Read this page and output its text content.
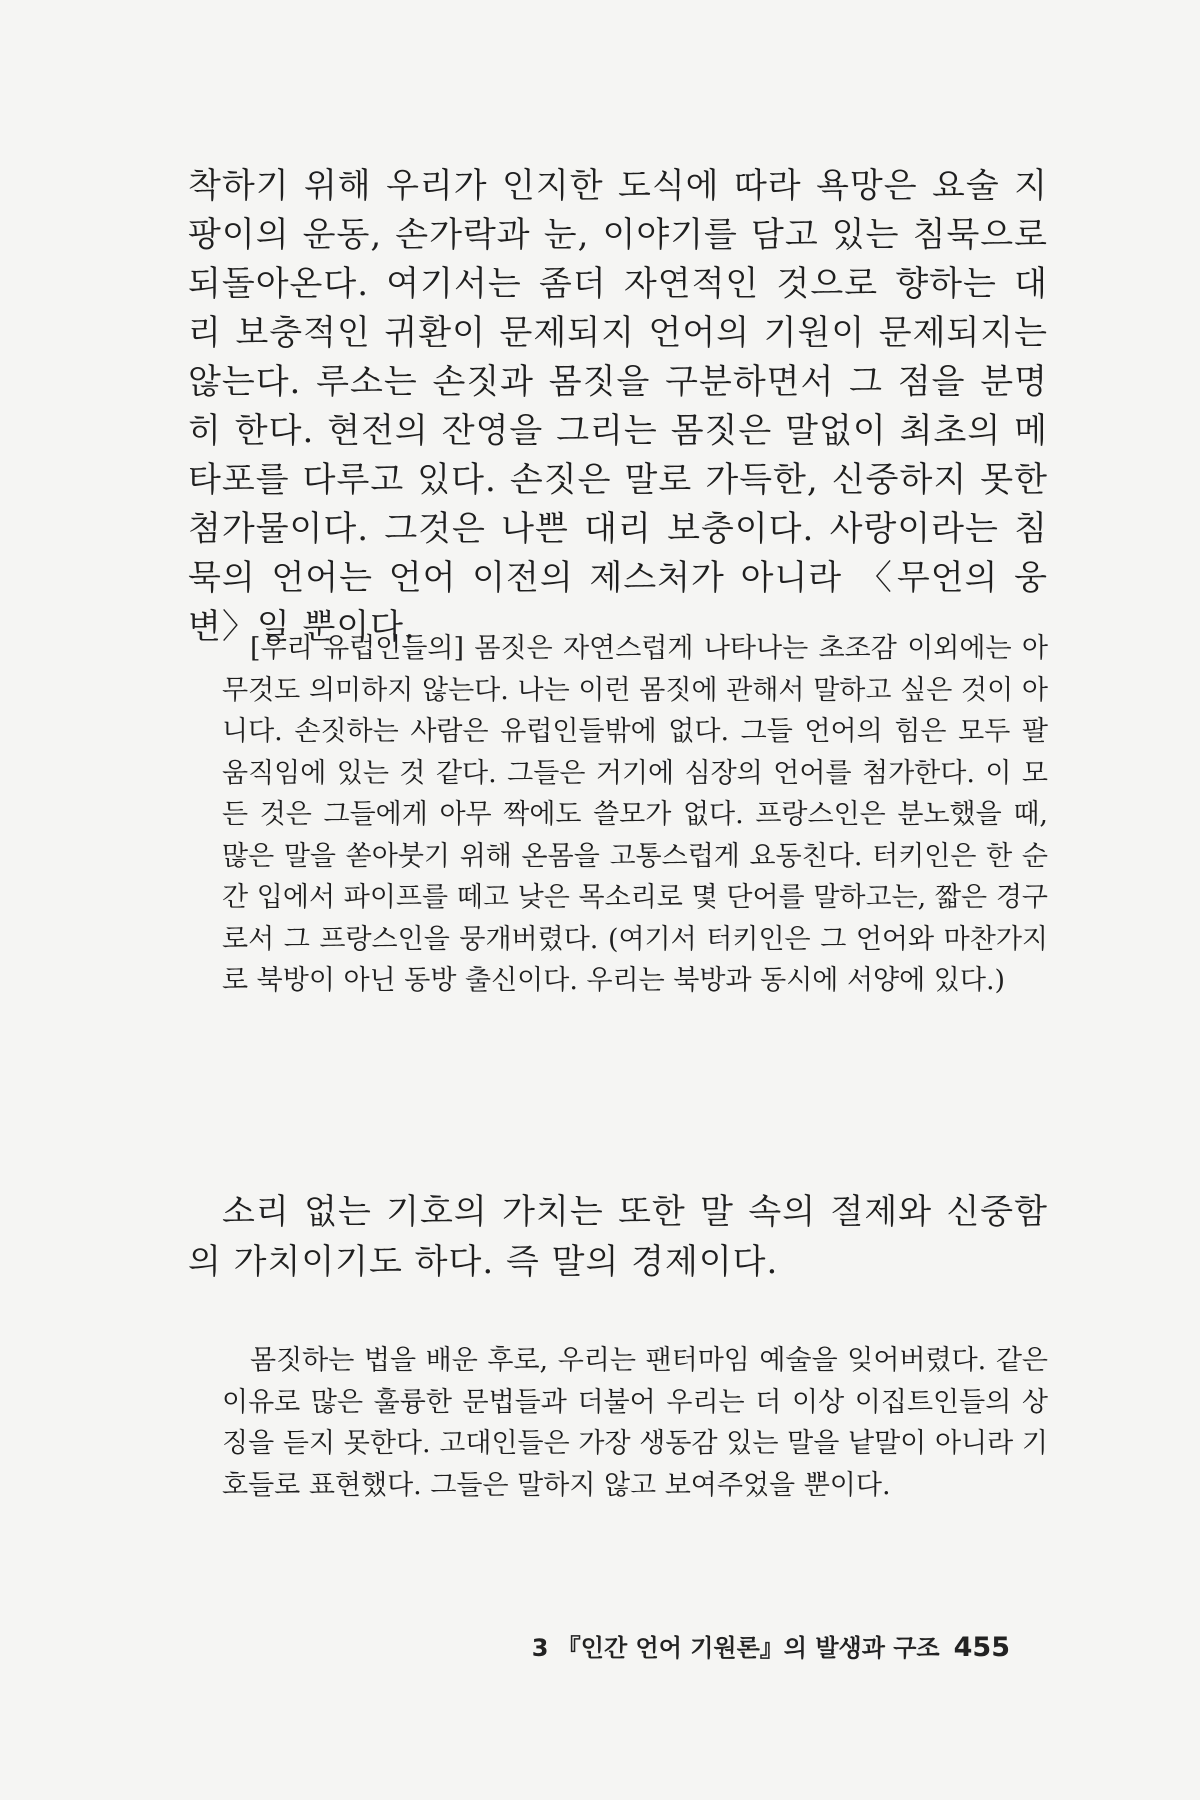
착하기 위해 우리가 인지한 도식에 따라 욕망은 요술 지팡이의 운동, 손가락과 눈, 이야기를 담고 있는 침묵으로 되돌아온다. 여기서는 좀더 자연적인 것으로 향하는 대리 보충적인 귀환이 문제되지 언어의 기원이 문제되지는 않는다. 루소는 손짓과 몸짓을 구분하면서 그 점을 분명히 한다. 현전의 잔영을 그리는 몸짓은 말없이 최초의 메타포를 다루고 있다. 손짓은 말로 가득한, 신중하지 못한 첨가물이다. 그것은 나쁜 대리 보충이다. 사랑이라는 침묵의 언어는 언어 이전의 제스처가 아니라 〈무언의 웅변〉일 뿐이다.

[우리 유럽인들의] 몸짓은 자연스럽게 나타나는 초조감 이외에는 아무것도 의미하지 않는다. 나는 이런 몸짓에 관해서 말하고 싶은 것이 아니다. 손짓하는 사람은 유럽인들밖에 없다. 그들 언어의 힘은 모두 팔 움직임에 있는 것 같다. 그들은 거기에 심장의 언어를 첨가한다. 이 모든 것은 그들에게 아무 짝에도 쓸모가 없다. 프랑스인은 분노했을 때, 많은 말을 쏟아붓기 위해 온몸을 고통스럽게 요동친다. 터키인은 한 순간 입에서 파이프를 떼고 낮은 목소리로 몇 단어를 말하고는, 짧은 경구로서 그 프랑스인을 뭉개버렸다. (여기서 터키인은 그 언어와 마찬가지로 북방이 아닌 동방 출신이다. 우리는 북방과 동시에 서양에 있다.)

소리 없는 기호의 가치는 또한 말 속의 절제와 신중함의 가치이기도 하다. 즉 말의 경제이다.

몸짓하는 법을 배운 후로, 우리는 팬터마임 예술을 잊어버렸다. 같은 이유로 많은 훌륭한 문법들과 더불어 우리는 더 이상 이집트인들의 상징을 듣지 못한다. 고대인들은 가장 생동감 있는 말을 낱말이 아니라 기호들로 표현했다. 그들은 말하지 않고 보여주었을 뿐이다.

3 『인간 언어 기원론』의 발생과 구조 455
